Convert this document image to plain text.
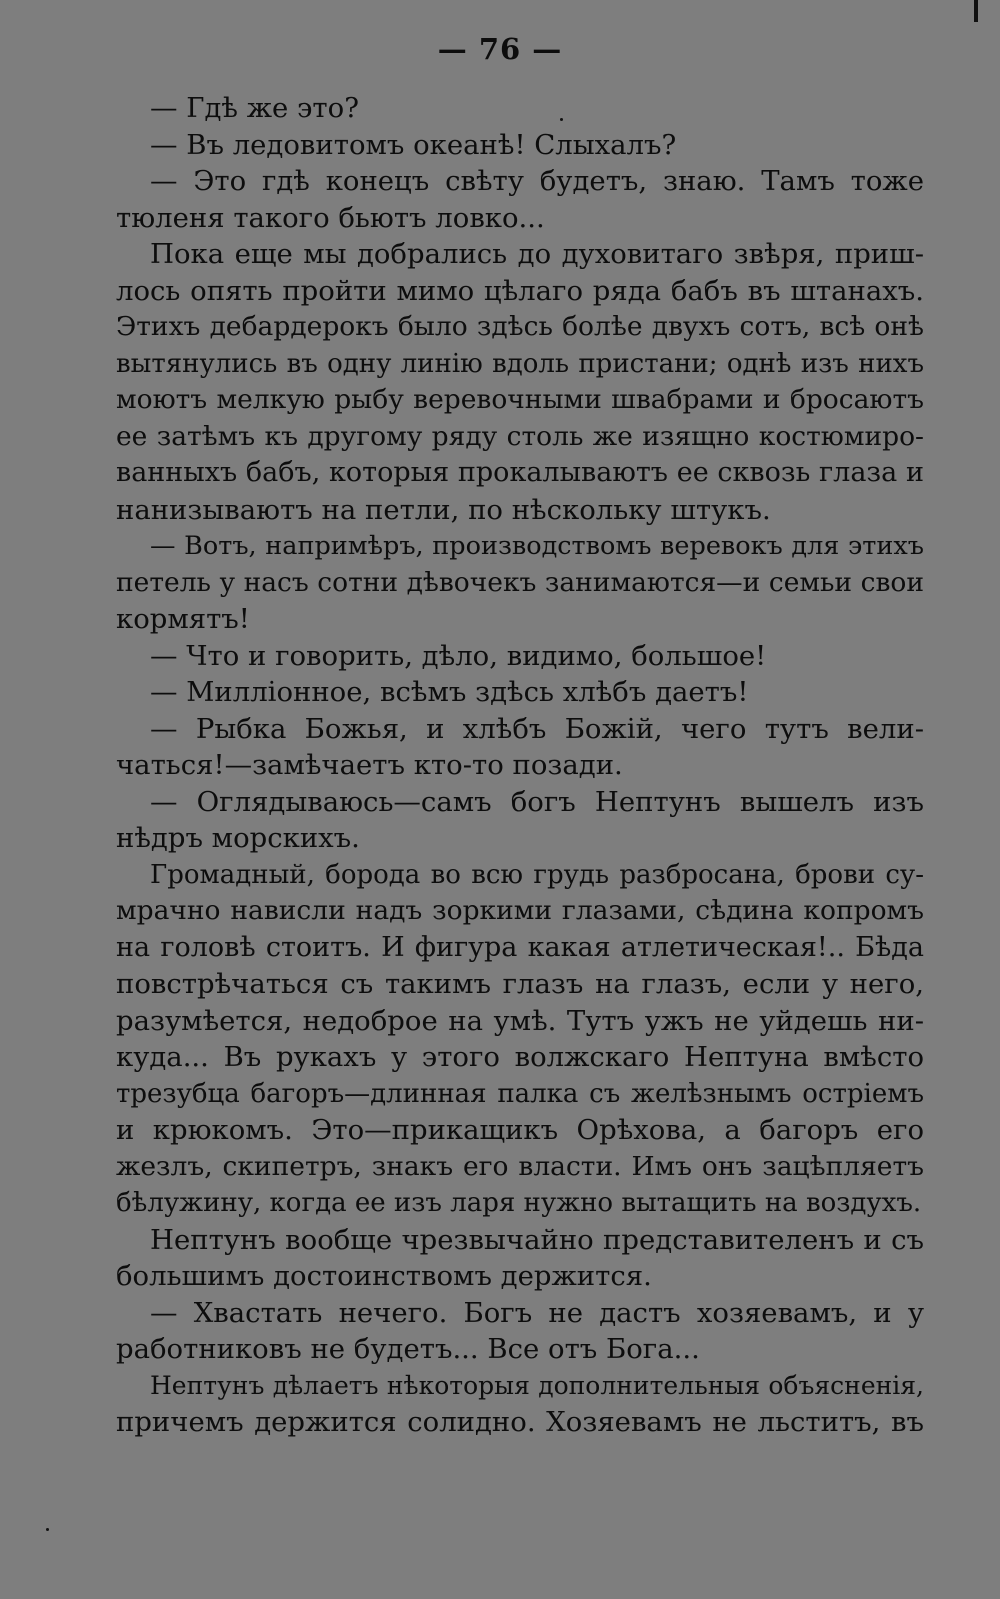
— 76 —
— Гдѣ же это?
— Въ ледовитомъ океанѣ! Слыхалъ?
— Это гдѣ конецъ свѣту будетъ, знаю. Тамъ тоже
тюленя такого бьютъ ловко...
Пока еще мы добрались до духовитаго звѣря, приш-
лось опять пройти мимо цѣлаго ряда бабъ въ штанахъ.
Этихъ дебардерокъ было здѣсь болѣе двухъ сотъ, всѣ онѣ
вытянулись въ одну линію вдоль пристани; однѣ изъ нихъ
моютъ мелкую рыбу веревочными швабрами и бросаютъ
ее затѣмъ къ другому ряду столь же изящно костюмиро-
ванныхъ бабъ, которыя прокалываютъ ее сквозь глаза и
нанизываютъ на петли, по нѣскольку штукъ.
— Вотъ, напримѣръ, производствомъ веревокъ для этихъ
петель у насъ сотни дѣвочекъ занимаются—и семьи свои
кормятъ!
— Что и говорить, дѣло, видимо, большое!
— Милліонное, всѣмъ здѣсь хлѣбъ даетъ!
— Рыбка Божья, и хлѣбъ Божій, чего тутъ вели-
чаться!—замѣчаетъ кто-то позади.
— Оглядываюсь—самъ богъ Нептунъ вышелъ изъ
нѣдръ морскихъ.
Громадный, борода во всю грудь разбросана, брови су-
мрачно нависли надъ зоркими глазами, сѣдина копромъ
на головѣ стоитъ. И фигура какая атлетическая!.. Бѣда
повстрѣчаться съ такимъ глазъ на глазъ, если у него,
разумѣется, недоброе на умѣ. Тутъ ужъ не уйдешь ни-
куда... Въ рукахъ у этого волжскаго Нептуна вмѣсто
трезубца багоръ—длинная палка съ желѣзнымъ остріемъ
и крюкомъ. Это—прикащикъ Орѣхова, а багоръ его
жезлъ, скипетръ, знакъ его власти. Имъ онъ зацѣпляетъ
бѣлужину, когда ее изъ ларя нужно вытащить на воздухъ.
Нептунъ вообще чрезвычайно представителенъ и съ
большимъ достоинствомъ держится.
— Хвастать нечего. Богъ не дастъ хозяевамъ, и у
работниковъ не будетъ... Все отъ Бога...
Нептунъ дѣлаетъ нѣкоторыя дополнительныя объясненія,
причемъ держится солидно. Хозяевамъ не льститъ, въ
